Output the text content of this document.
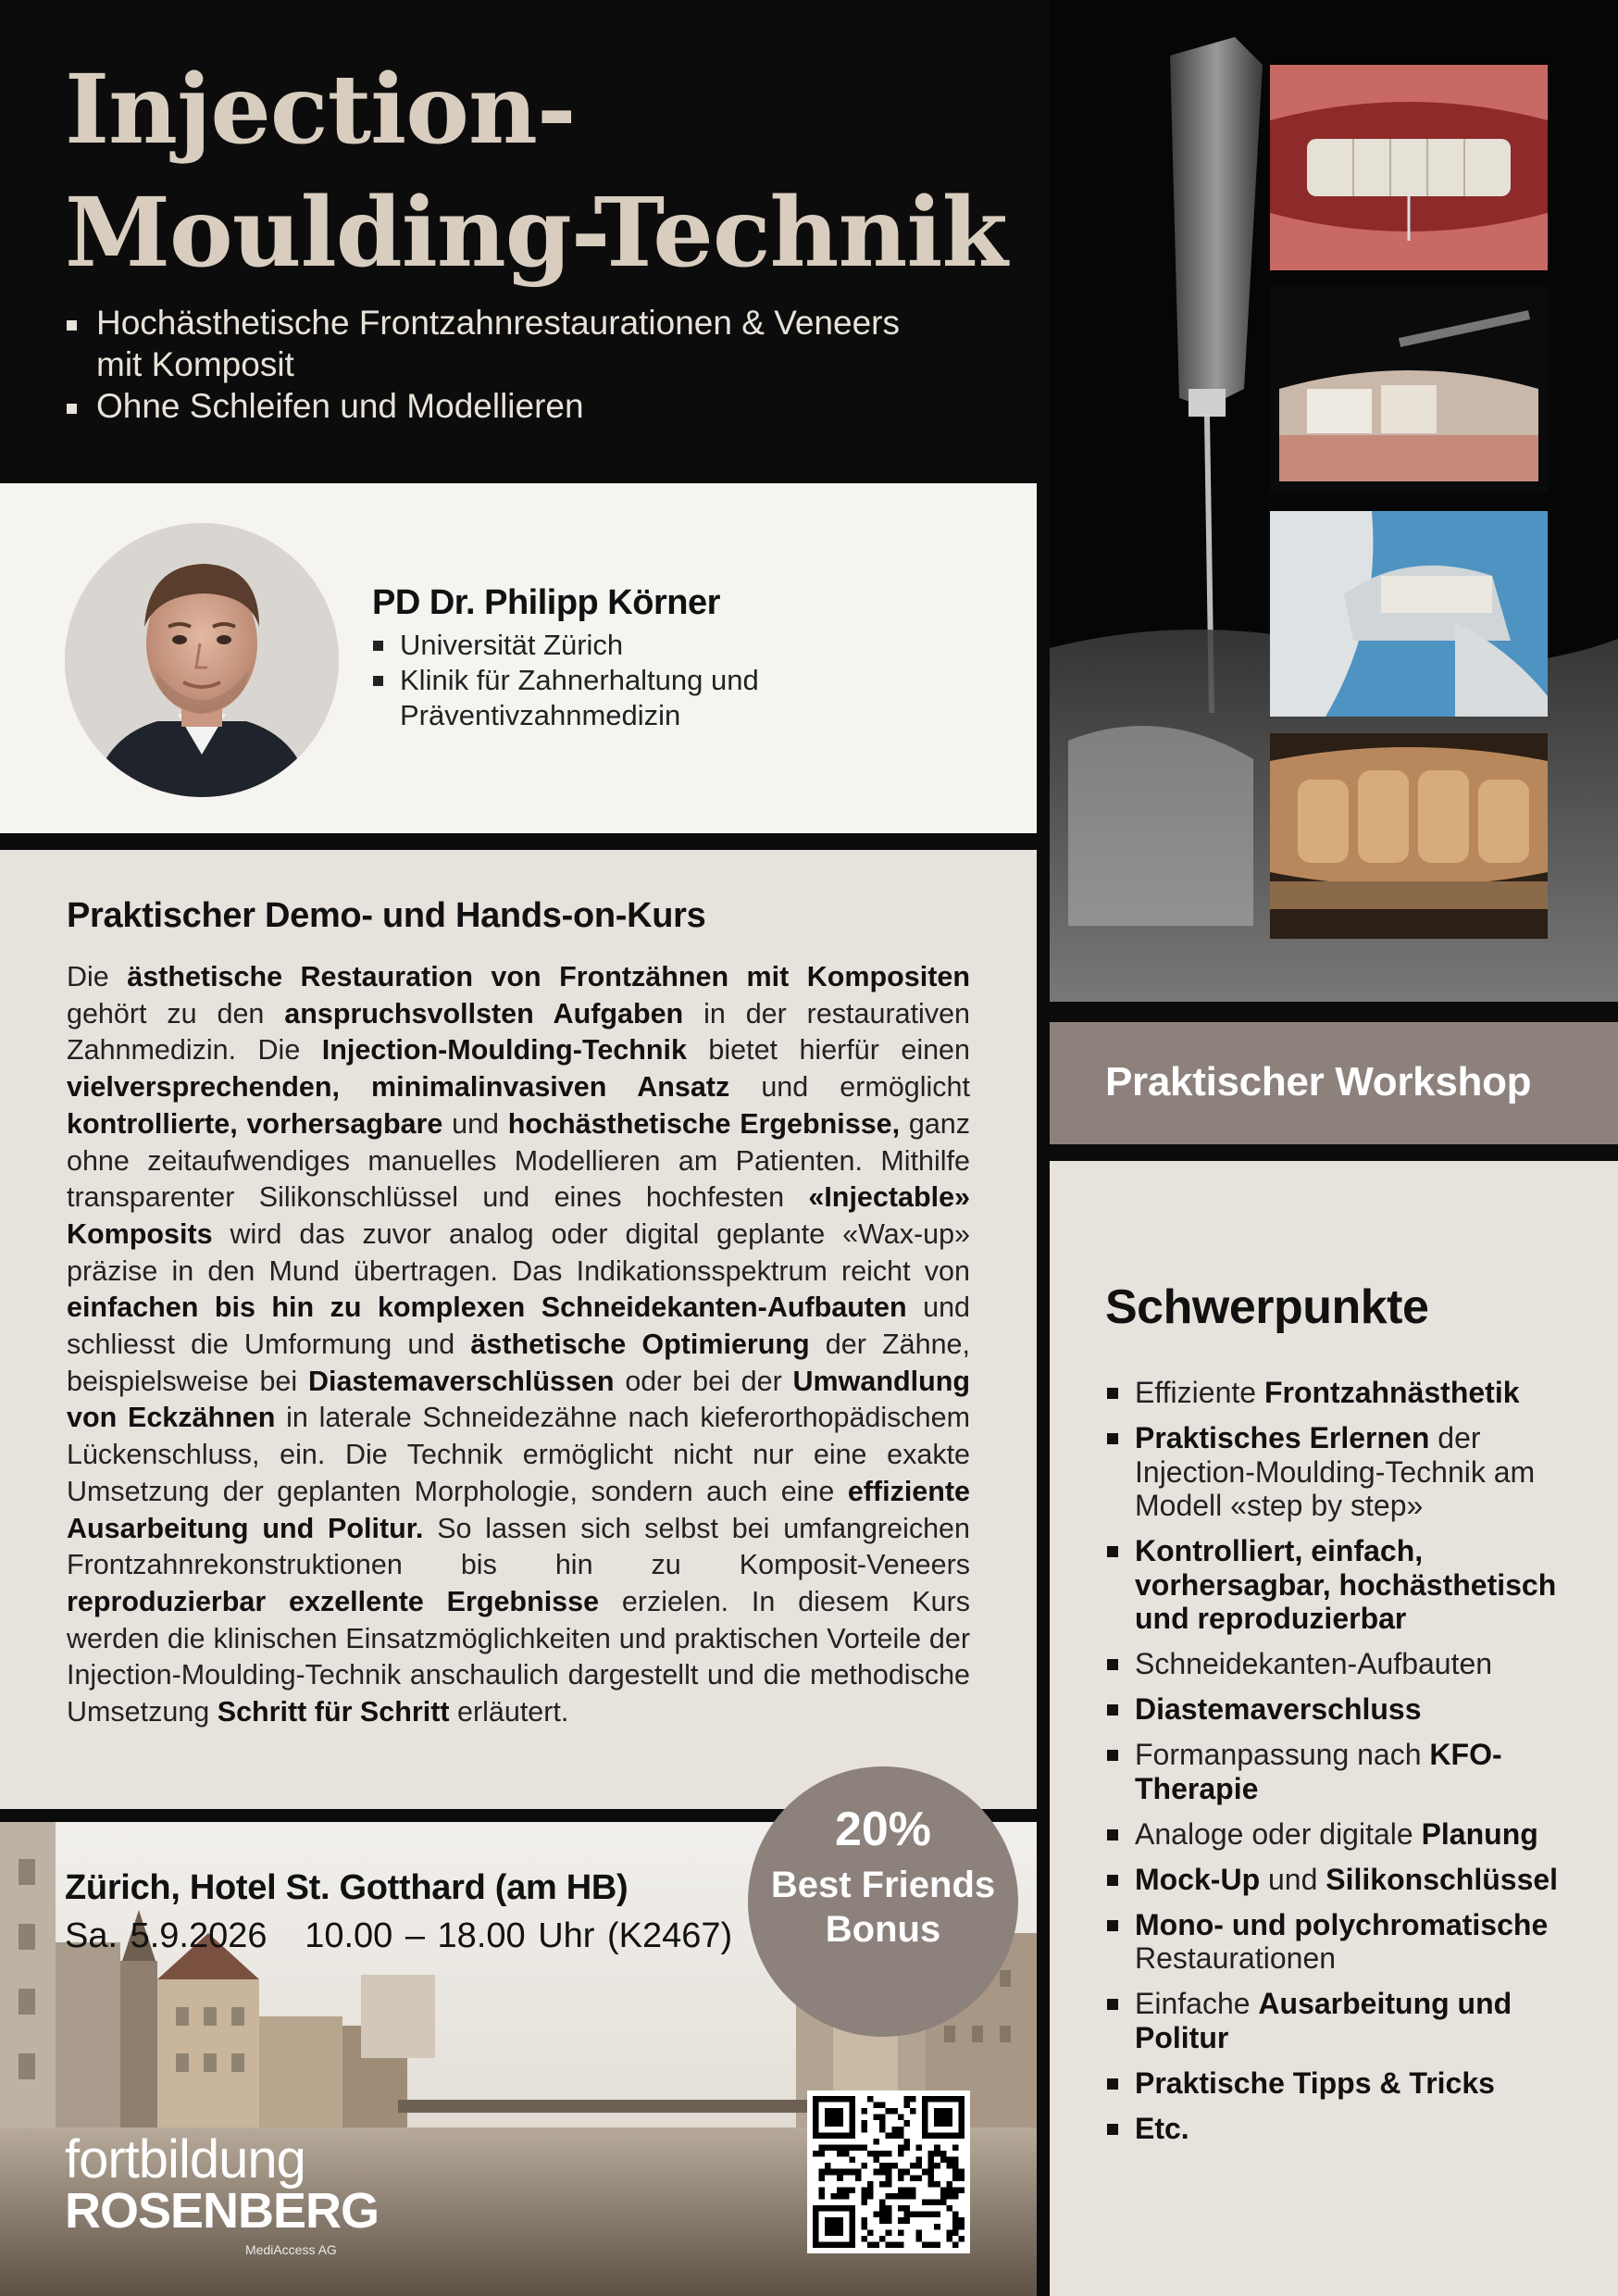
Injection-
Moulding-Technik
Hochästhetische Frontzahnrestaurationen & Veneers
mit Komposit
Ohne Schleifen und Modellieren
PD Dr. Philipp Körner
Universität Zürich
Klinik für Zahnerhaltung und
Präventivzahnmedizin
Praktischer Demo- und Hands-on-Kurs

Die ästhetische Restauration von Frontzähnen mit Kompositen gehört zu den anspruchsvollsten Aufgaben in der restaurativen Zahnmedizin. Die Injection-Moulding-Technik bietet hierfür einen vielversprechenden, minimalinvasiven Ansatz und ermöglicht kontrollierte, vorhersagbare und hochästhetische Ergebnisse, ganz ohne zeitaufwendiges manuelles Modellieren am Patienten. Mithilfe transparenter Silikonschlüssel und eines hochfesten «Injectable» Komposits wird das zuvor analog oder digital geplante «Wax-up» präzise in den Mund übertragen. Das Indikationsspektrum reicht von einfachen bis hin zu komplexen Schneidekanten-Aufbauten und schliesst die Umformung und ästhetische Optimierung der Zähne, beispielsweise bei Diastemaverschlüssen oder bei der Umwandlung von Eckzähnen in laterale Schneidezähne nach kieferorthopädischem Lückenschluss, ein. Die Technik ermöglicht nicht nur eine exakte Umsetzung der geplanten Morphologie, sondern auch eine effiziente Ausarbeitung und Politur. So lassen sich selbst bei umfangreichen Frontzahnrekonstruktionen bis hin zu Komposit-Veneers reproduzierbar exzellente Ergebnisse erzielen. In diesem Kurs werden die klinischen Einsatzmöglichkeiten und praktischen Vorteile der Injection-Moulding-Technik anschaulich dargestellt und die methodische Umsetzung Schritt für Schritt erläutert.

Zürich, Hotel St. Gotthard (am HB)
Sa. 5.9.2026 10.00 – 18.00 Uhr (K2467)
fortbildung
ROSENBERG
MediAccess AG
20%
Best Friends
Bonus
Praktischer Workshop
Schwerpunkte
Effiziente Frontzahnästhetik
Praktisches Erlernen der Injection-Moulding-Technik am Modell «step by step»
Kontrolliert, einfach, vorhersagbar, hochästhetisch und reproduzierbar
Schneidekanten-Aufbauten
Diastemaverschluss
Formanpassung nach KFO-Therapie
Analoge oder digitale Planung
Mock-Up und Silikonschlüssel
Mono- und polychromatische Restaurationen
Einfache Ausarbeitung und Politur
Praktische Tipps & Tricks
Etc.
